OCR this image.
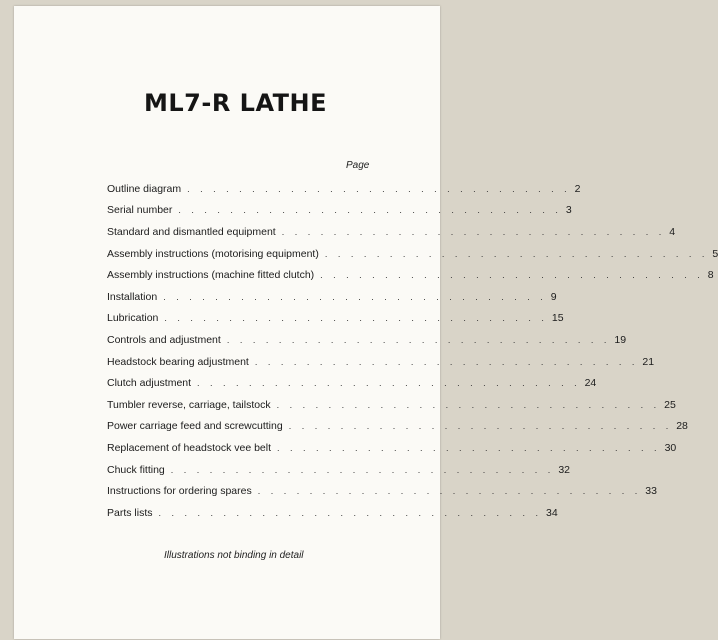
ML7-R LATHE
Page
Outline diagram . . . . . . . . . . . . . . . . . . . . . . . . . . . . . . 2
Serial number . . . . . . . . . . . . . . . . . . . . . . . . . . . . . . 3
Standard and dismantled equipment . . . . . . . . . . . . . . . . . . . . . . . . . . . . . . 4
Assembly instructions (motorising equipment) . . . . . . . . . . . . . . . . . . . . . . . . . . . . . . 5
Assembly instructions (machine fitted clutch) . . . . . . . . . . . . . . . . . . . . . . . . . . . . . . 8
Installation . . . . . . . . . . . . . . . . . . . . . . . . . . . . . . 9
Lubrication . . . . . . . . . . . . . . . . . . . . . . . . . . . . . . 15
Controls and adjustment . . . . . . . . . . . . . . . . . . . . . . . . . . . . . . 19
Headstock bearing adjustment . . . . . . . . . . . . . . . . . . . . . . . . . . . . . . 21
Clutch adjustment . . . . . . . . . . . . . . . . . . . . . . . . . . . . . . 24
Tumbler reverse, carriage, tailstock . . . . . . . . . . . . . . . . . . . . . . . . . . . . . . 25
Power carriage feed and screwcutting . . . . . . . . . . . . . . . . . . . . . . . . . . . . . . 28
Replacement of headstock vee belt . . . . . . . . . . . . . . . . . . . . . . . . . . . . . . 30
Chuck fitting . . . . . . . . . . . . . . . . . . . . . . . . . . . . . . 32
Instructions for ordering spares . . . . . . . . . . . . . . . . . . . . . . . . . . . . . . 33
Parts lists . . . . . . . . . . . . . . . . . . . . . . . . . . . . . . 34
Illustrations not binding in detail
